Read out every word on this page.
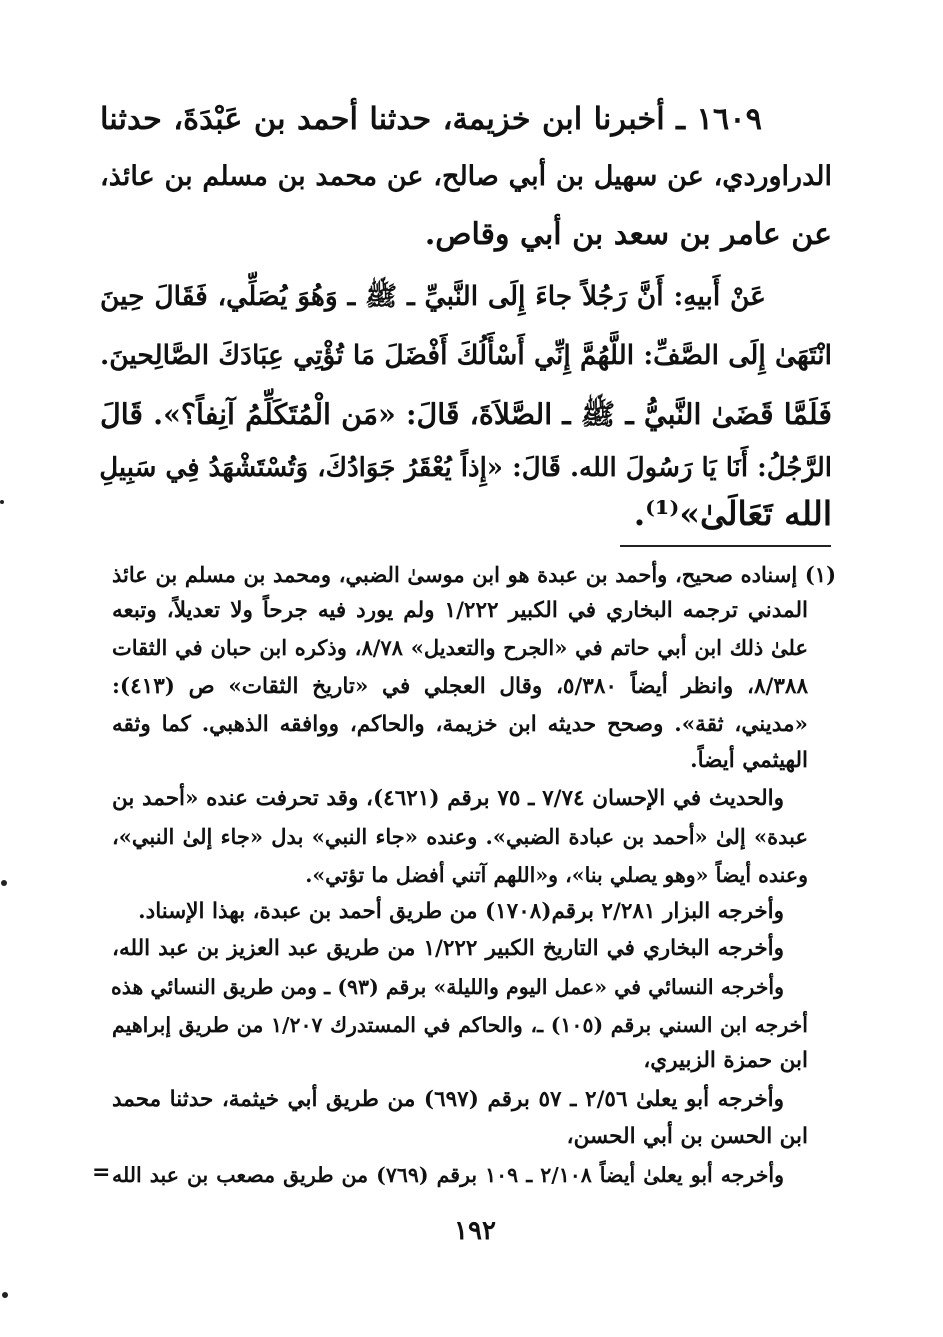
١٦٠٩ ـ أخبرنا ابن خزيمة، حدثنا أحمد بن عَبْدَةَ، حدثنا
الدراوردي، عن سهيل بن أبي صالح، عن محمد بن مسلم بن عائذ،
عن عامر بن سعد بن أبي وقاص.
عَنْ أَبيهِ: أَنَّ رَجُلاً جاءَ إِلَى النَّبيِّ ـ ﷺ ـ وَهُوَ يُصَلِّي، فَقَالَ حِينَ
انْتَهَىٰ إِلَى الصَّفِّ: اللَّهُمَّ إِنِّي أَسْأَلُكَ أَفْضَلَ مَا تُؤْتِي عِبَادَكَ الصَّالِحينَ.
فَلَمَّا قَضَىٰ النَّبيُّ ـ ﷺ ـ الصَّلاَةَ، قَالَ: «مَن الْمُتَكَلِّمُ آنِفاً؟». قَالَ
الرَّجُلُ: أَنَا يَا رَسُولَ الله. قَالَ: «إِذاً يُعْقَرُ جَوَادُكَ، وَتُسْتَشْهَدُ فِي سَبِيلِ
الله تَعَالَىٰ»⁽¹⁾.
(١) إسناده صحيح، وأحمد بن عبدة هو ابن موسىٰ الضبي، ومحمد بن مسلم بن عائذ
المدني ترجمه البخاري في الكبير ١/٢٢٢ ولم يورد فيه جرحاً ولا تعديلاً، وتبعه
علىٰ ذلك ابن أبي حاتم في «الجرح والتعديل» ٨/٧٨، وذكره ابن حبان في الثقات
٨/٣٨٨، وانظر أيضاً ٥/٣٨٠، وقال العجلي في «تاريخ الثقات» ص (٤١٣):
«مديني، ثقة». وصحح حديثه ابن خزيمة، والحاكم، ووافقه الذهبي. كما وثقه
الهيثمي أيضاً.
والحديث في الإحسان ٧/٧٤ ـ ٧٥ برقم (٤٦٢١)، وقد تحرفت عنده «أحمد بن
عبدة» إلىٰ «أحمد بن عبادة الضبي». وعنده «جاء النبي» بدل «جاء إلىٰ النبي»،
وعنده أيضاً «وهو يصلي بنا»، و«اللهم آتني أفضل ما تؤتي».
وأخرجه البزار ٢/٢٨١ برقم(١٧٠٨) من طريق أحمد بن عبدة، بهذا الإسناد.
وأخرجه البخاري في التاريخ الكبير ١/٢٢٢ من طريق عبد العزيز بن عبد الله،
وأخرجه النسائي في «عمل اليوم والليلة» برقم (٩٣) ـ ومن طريق النسائي هذه
أخرجه ابن السني برقم (١٠٥) ـ، والحاكم في المستدرك ١/٢٠٧ من طريق إبراهيم
ابن حمزة الزبيري،
وأخرجه أبو يعلىٰ ٢/٥٦ ـ ٥٧ برقم (٦٩٧) من طريق أبي خيثمة، حدثنا محمد
ابن الحسن بن أبي الحسن،
وأخرجه أبو يعلىٰ أيضاً ٢/١٠٨ ـ ١٠٩ برقم (٧٦٩) من طريق مصعب بن عبد الله
=
١٩٢
